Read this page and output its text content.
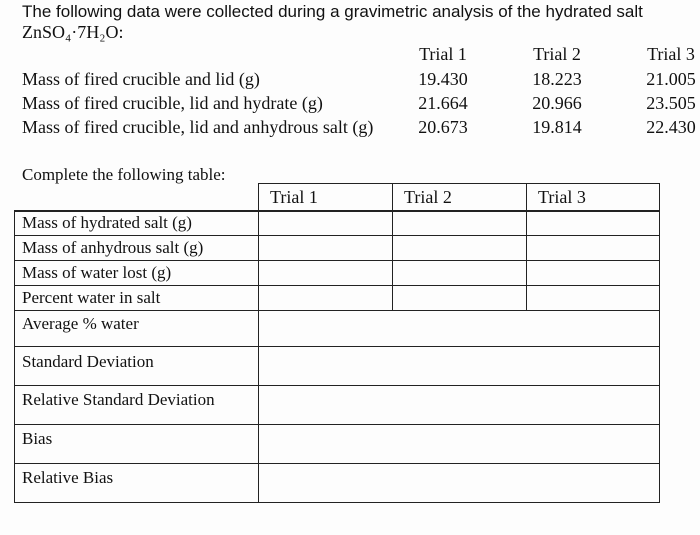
The following data were collected during a gravimetric analysis of the hydrated salt
ZnSO₄·7H₂O:
Trial 1	Trial 2	Trial 3
Mass of fired crucible and lid (g)	19.430	18.223	21.005
Mass of fired crucible, lid and hydrate (g)	21.664	20.966	23.505
Mass of fired crucible, lid and anhydrous salt (g)	20.673	19.814	22.430
Complete the following table:
Trial 1	Trial 2	Trial 3
Mass of hydrated salt (g)
Mass of anhydrous salt (g)
Mass of water lost (g)
Percent water in salt
Average % water
Standard Deviation
Relative Standard Deviation
Bias
Relative Bias
